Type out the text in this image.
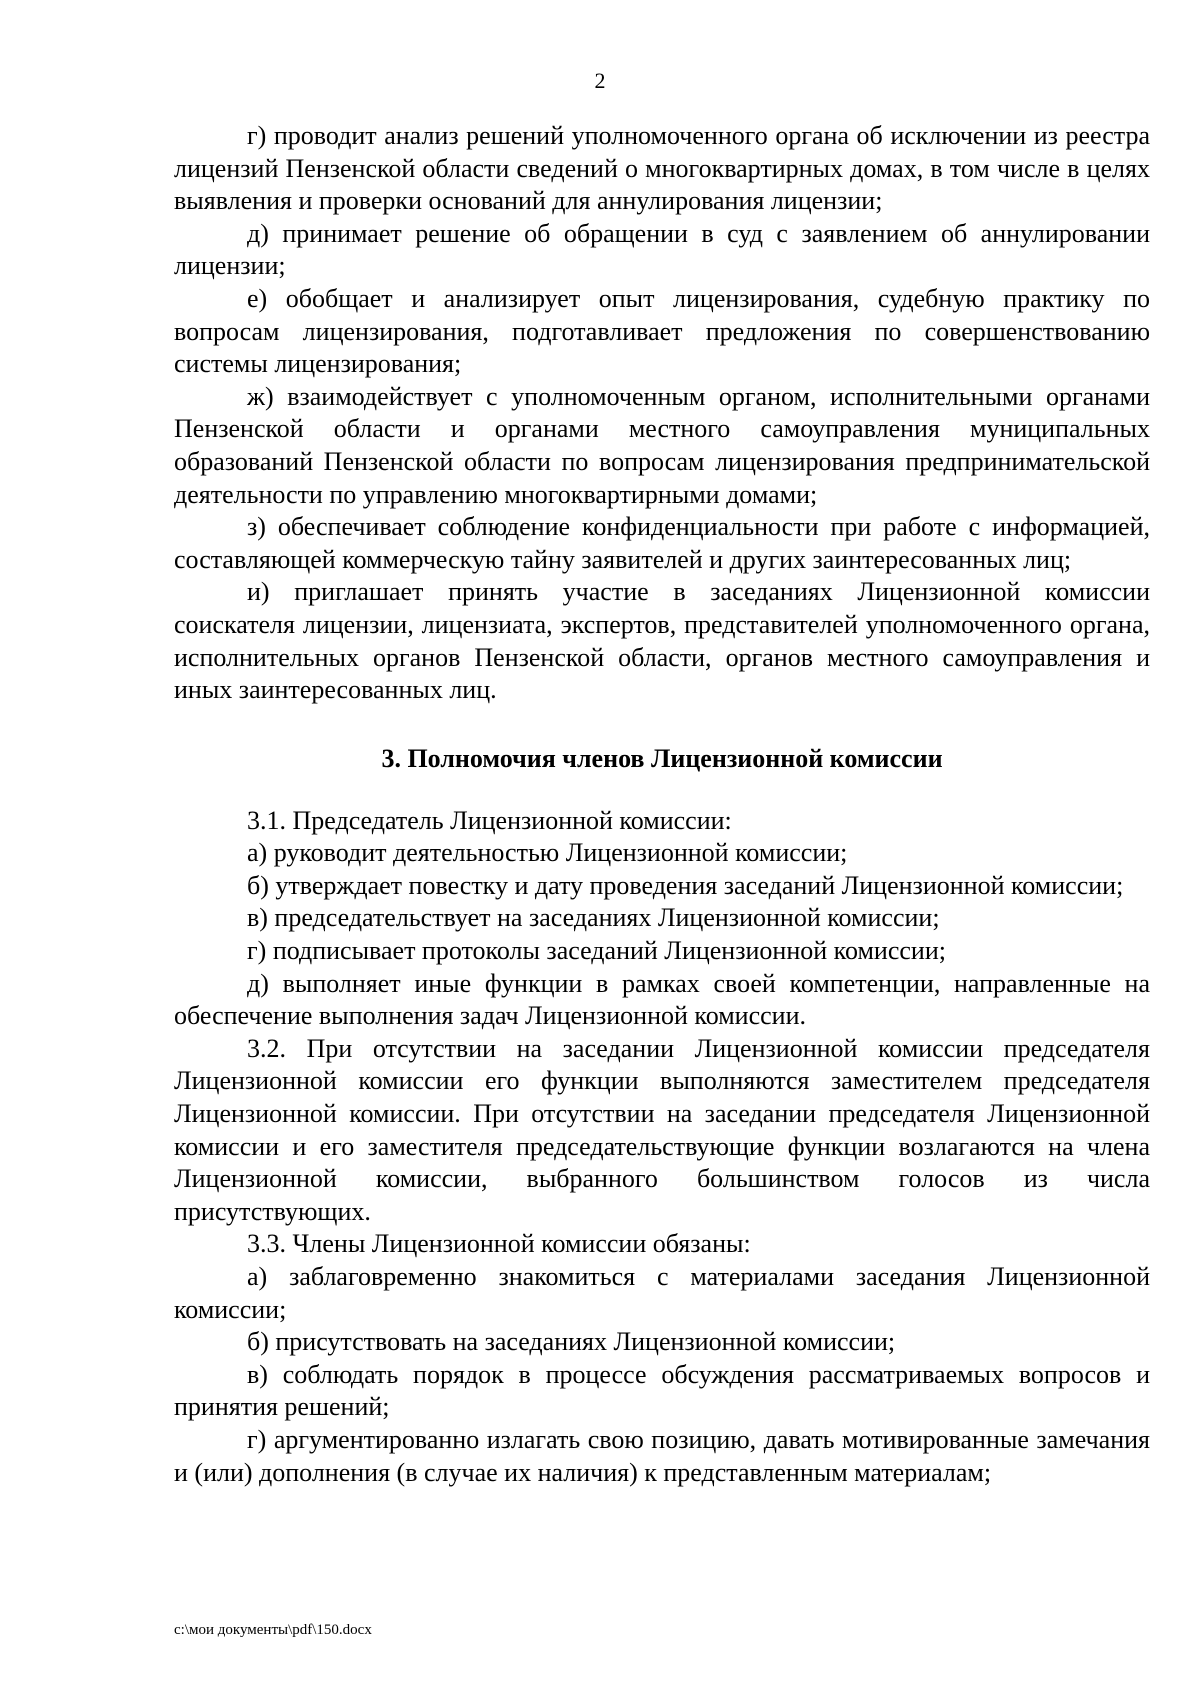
2

г) проводит анализ решений уполномоченного органа об исключении из реестра лицензий Пензенской области сведений о многоквартирных домах, в том числе в целях выявления и проверки оснований для аннулирования лицензии;

д) принимает решение об обращении в суд с заявлением об аннулировании лицензии;

е) обобщает и анализирует опыт лицензирования, судебную практику по вопросам лицензирования, подготавливает предложения по совершенствованию системы лицензирования;

ж) взаимодействует с уполномоченным органом, исполнительными органами Пензенской области и органами местного самоуправления муниципальных образований Пензенской области по вопросам лицензирования предпринимательской деятельности по управлению многоквартирными домами;

з) обеспечивает соблюдение конфиденциальности при работе с информацией, составляющей коммерческую тайну заявителей и других заинтересованных лиц;

и) приглашает принять участие в заседаниях Лицензионной комиссии соискателя лицензии, лицензиата, экспертов, представителей уполномоченного органа, исполнительных органов Пензенской области, органов местного самоуправления и иных заинтересованных лиц.

3. Полномочия членов Лицензионной комиссии

3.1. Председатель Лицензионной комиссии:

а) руководит деятельностью Лицензионной комиссии;

б) утверждает повестку и дату проведения заседаний Лицензионной комиссии;

в) председательствует на заседаниях Лицензионной комиссии;

г) подписывает протоколы заседаний Лицензионной комиссии;

д) выполняет иные функции в рамках своей компетенции, направленные на обеспечение выполнения задач Лицензионной комиссии.

3.2. При отсутствии на заседании Лицензионной комиссии председателя Лицензионной комиссии его функции выполняются заместителем председателя Лицензионной комиссии. При отсутствии на заседании председателя Лицензионной комиссии и его заместителя председательствующие функции возлагаются на члена Лицензионной комиссии, выбранного большинством голосов из числа присутствующих.

3.3. Члены Лицензионной комиссии обязаны:

а) заблаговременно знакомиться с материалами заседания Лицензионной комиссии;

б) присутствовать на заседаниях Лицензионной комиссии;

в) соблюдать порядок в процессе обсуждения рассматриваемых вопросов и принятия решений;

г) аргументированно излагать свою позицию, давать мотивированные замечания и (или) дополнения (в случае их наличия) к представленным материалам;

c:\мои документы\pdf\150.docx
